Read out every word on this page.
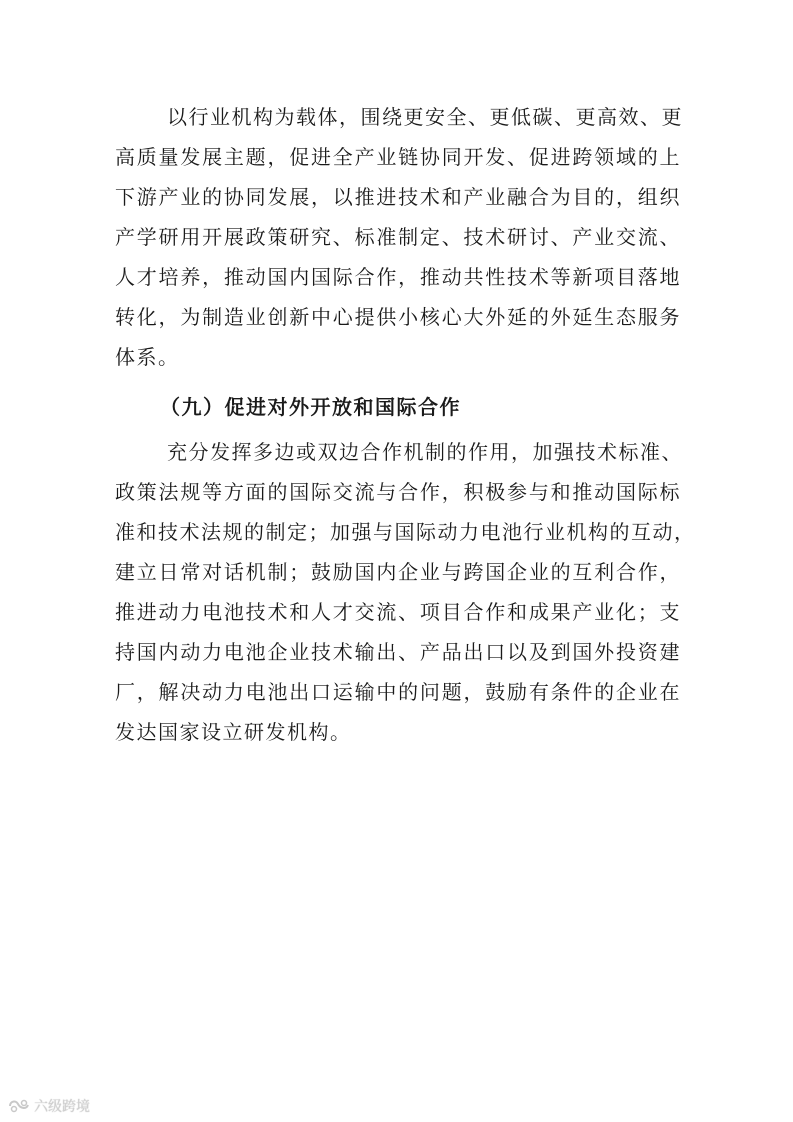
以行业机构为载体，围绕更安全、更低碳、更高效、更
高质量发展主题，促进全产业链协同开发、促进跨领域的上
下游产业的协同发展，以推进技术和产业融合为目的，组织
产学研用开展政策研究、标准制定、技术研讨、产业交流、
人才培养，推动国内国际合作，推动共性技术等新项目落地
转化，为制造业创新中心提供小核心大外延的外延生态服务
体系。
（九）促进对外开放和国际合作
充分发挥多边或双边合作机制的作用，加强技术标准、
政策法规等方面的国际交流与合作，积极参与和推动国际标
准和技术法规的制定；加强与国际动力电池行业机构的互动，
建立日常对话机制；鼓励国内企业与跨国企业的互利合作，
推进动力电池技术和人才交流、项目合作和成果产业化；支
持国内动力电池企业技术输出、产品出口以及到国外投资建
厂，解决动力电池出口运输中的问题，鼓励有条件的企业在
发达国家设立研发机构。
六级跨境
